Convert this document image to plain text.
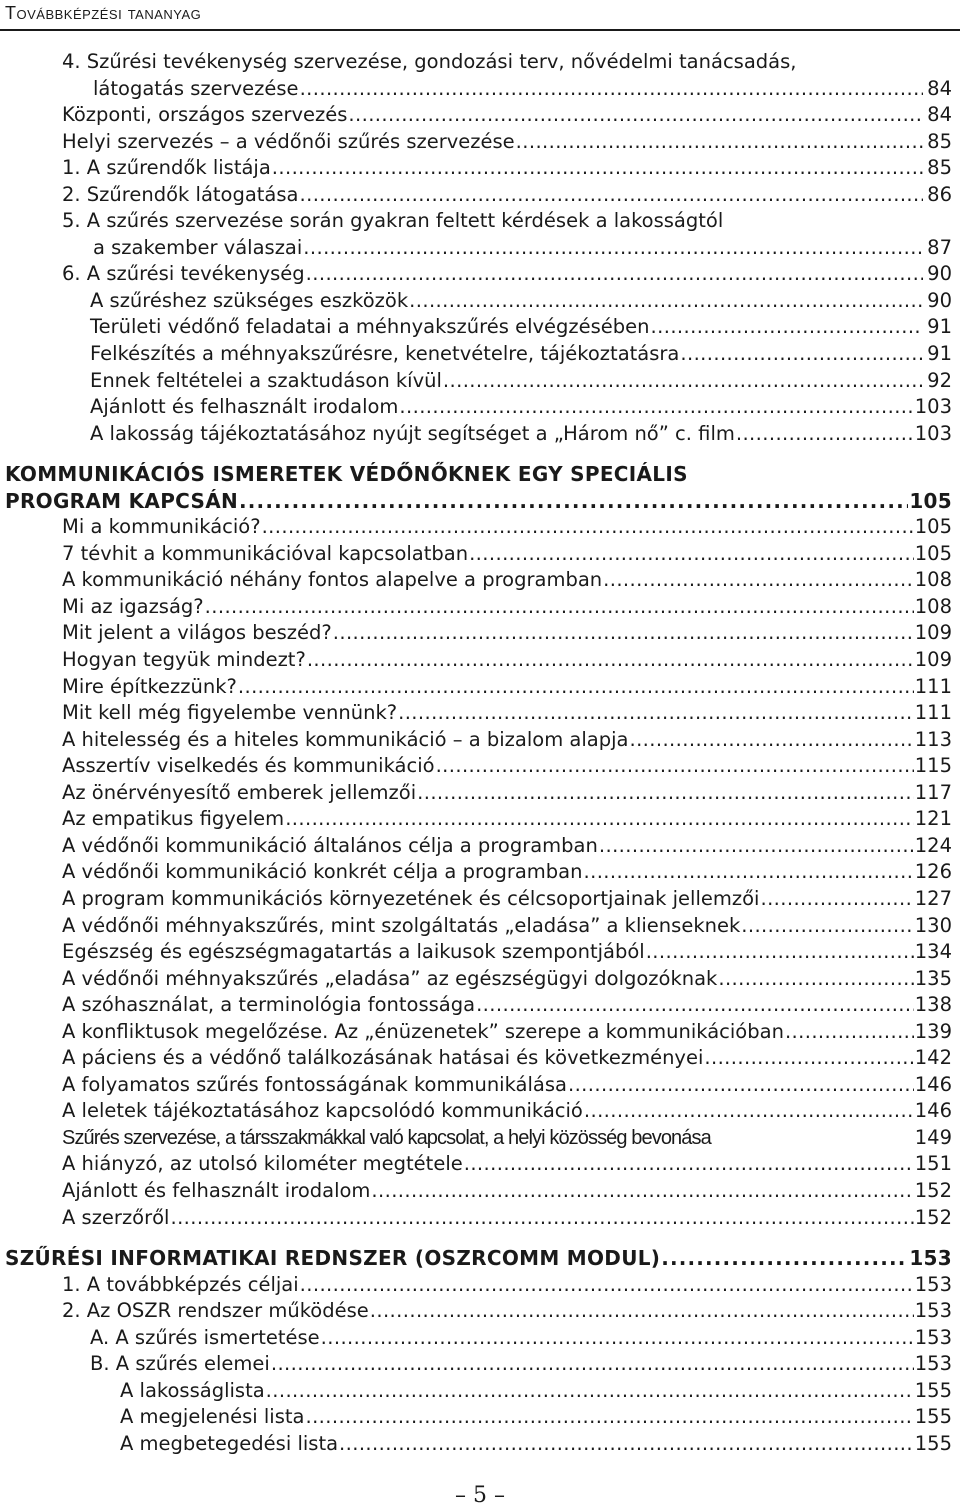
Továbbképzési tananyag
4. Szűrési tevékenység szervezése, gondozási terv, nővédelmi tanácsadás,
látogatás szervezése . . .	84
Központi, országos szervezés . . .	84
Helyi szervezés – a védőnői szűrés szervezése . . .	85
1. A szűrendők listája . . .	85
2. Szűrendők látogatása . . .	86
5. A szűrés szervezése során gyakran feltett kérdések a lakosságtól
a szakember válaszai . . .	87
6. A szűrési tevékenység . . .	90
A szűréshez szükséges eszközök . . .	90
Területi védőnő feladatai a méhnyakszűrés elvégzésében . . .	91
Felkészítés a méhnyakszűrésre, kenetvételre, tájékoztatásra . . .	91
Ennek feltételei a szaktudáson kívül . . .	92
Ajánlott és felhasznált irodalom . . .	103
A lakosság tájékoztatásához nyújt segítséget a „Három nő” c. film . . .	103
KOMMUNIKÁCIÓS ISMERETEK VÉDŐNŐKNEK EGY SPECIÁLIS
PROGRAM KAPCSÁN . . .	105
Mi a kommunikáció? . . .	105
7 tévhit a kommunikációval kapcsolatban . . .	105
A kommunikáció néhány fontos alapelve a programban . . .	108
Mi az igazság? . . .	108
Mit jelent a világos beszéd? . . .	109
Hogyan tegyük mindezt? . . .	109
Mire építkezzünk? . . .	111
Mit kell még figyelembe vennünk? . . .	111
A hitelesség és a hiteles kommunikáció – a bizalom alapja . . .	113
Asszertív viselkedés és kommunikáció . . .	115
Az önérvényesítő emberek jellemzői . . .	117
Az empatikus figyelem . . .	121
A védőnői kommunikáció általános célja a programban . . .	124
A védőnői kommunikáció konkrét célja a programban . . .	126
A program kommunikációs környezetének és célcsoportjainak jellemzői . . .	127
A védőnői méhnyakszűrés, mint szolgáltatás „eladása” a klienseknek . . .	130
Egészség és egészségmagatartás a laikusok szempontjából . . .	134
A védőnői méhnyakszűrés „eladása” az egészségügyi dolgozóknak . . .	135
A szóhasználat, a terminológia fontossága . . .	138
A konfliktusok megelőzése. Az „énüzenetek” szerepe a kommunikációban . . .	139
A páciens és a védőnő találkozásának hatásai és következményei . . .	142
A folyamatos szűrés fontosságának kommunikálása . . .	146
A leletek tájékoztatásához kapcsolódó kommunikáció . . .	146
Szűrés szervezése, a társszakmákkal való kapcsolat, a helyi közösség bevonása	149
A hiányzó, az utolsó kilométer megtétele . . .	151
Ajánlott és felhasznált irodalom . . .	152
A szerzőről . . .	152
SZŰRÉSI INFORMATIKAI REDNSZER (OSZRCOMM MODUL) . . .	153
1. A továbbképzés céljai . . .	153
2. Az OSZR rendszer működése . . .	153
A. A szűrés ismertetése . . .	153
B. A szűrés elemei . . .	153
A lakosságlista . . .	155
A megjelenési lista . . .	155
A megbetegedési lista . . .	155
– 5 –
